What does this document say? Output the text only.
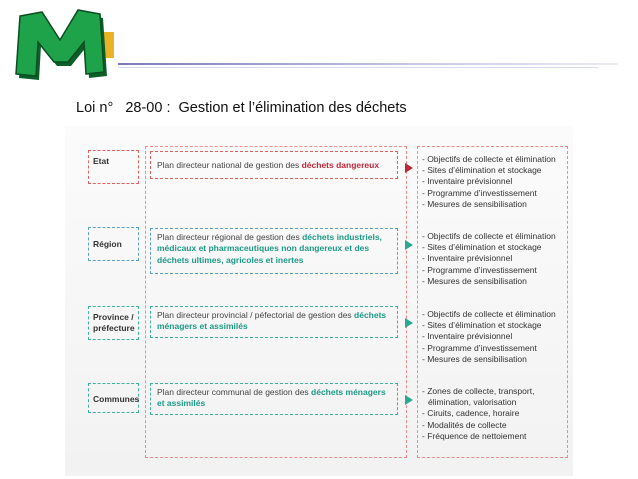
Loi n°   28-00 :  Gestion et l’élimination des déchets
Etat	Plan directeur national de gestion des déchets dangereux
- Objectifs de collecte et élimination
- Sites d’élimination et stockage
- Inventaire prévisionnel
- Programme d’investissement
- Mesures de sensibilisation
Région
Plan directeur régional de gestion des déchets industriels, médicaux et pharmaceutiques non dangereux et des déchets ultimes, agricoles et inertes
- Objectifs de collecte et élimination
- Sites d’élimination et stockage
- Inventaire prévisionnel
- Programme d’investissement
- Mesures de sensibilisation
Province /
préfecture
Plan directeur provincial / péfectorial de gestion des déchets ménagers et assimilés
- Objectifs de collecte et élimination
- Sites d’élimination et stockage
- Inventaire prévisionnel
- Programme d’investissement
- Mesures de sensibilisation
Communes
Plan directeur communal de gestion des déchets ménagers et assimilés
- Zones de collecte, transport,
élimination, valorisation
- Ciruits, cadence, horaire
- Modalités de collecte
- Fréquence de nettoiement
